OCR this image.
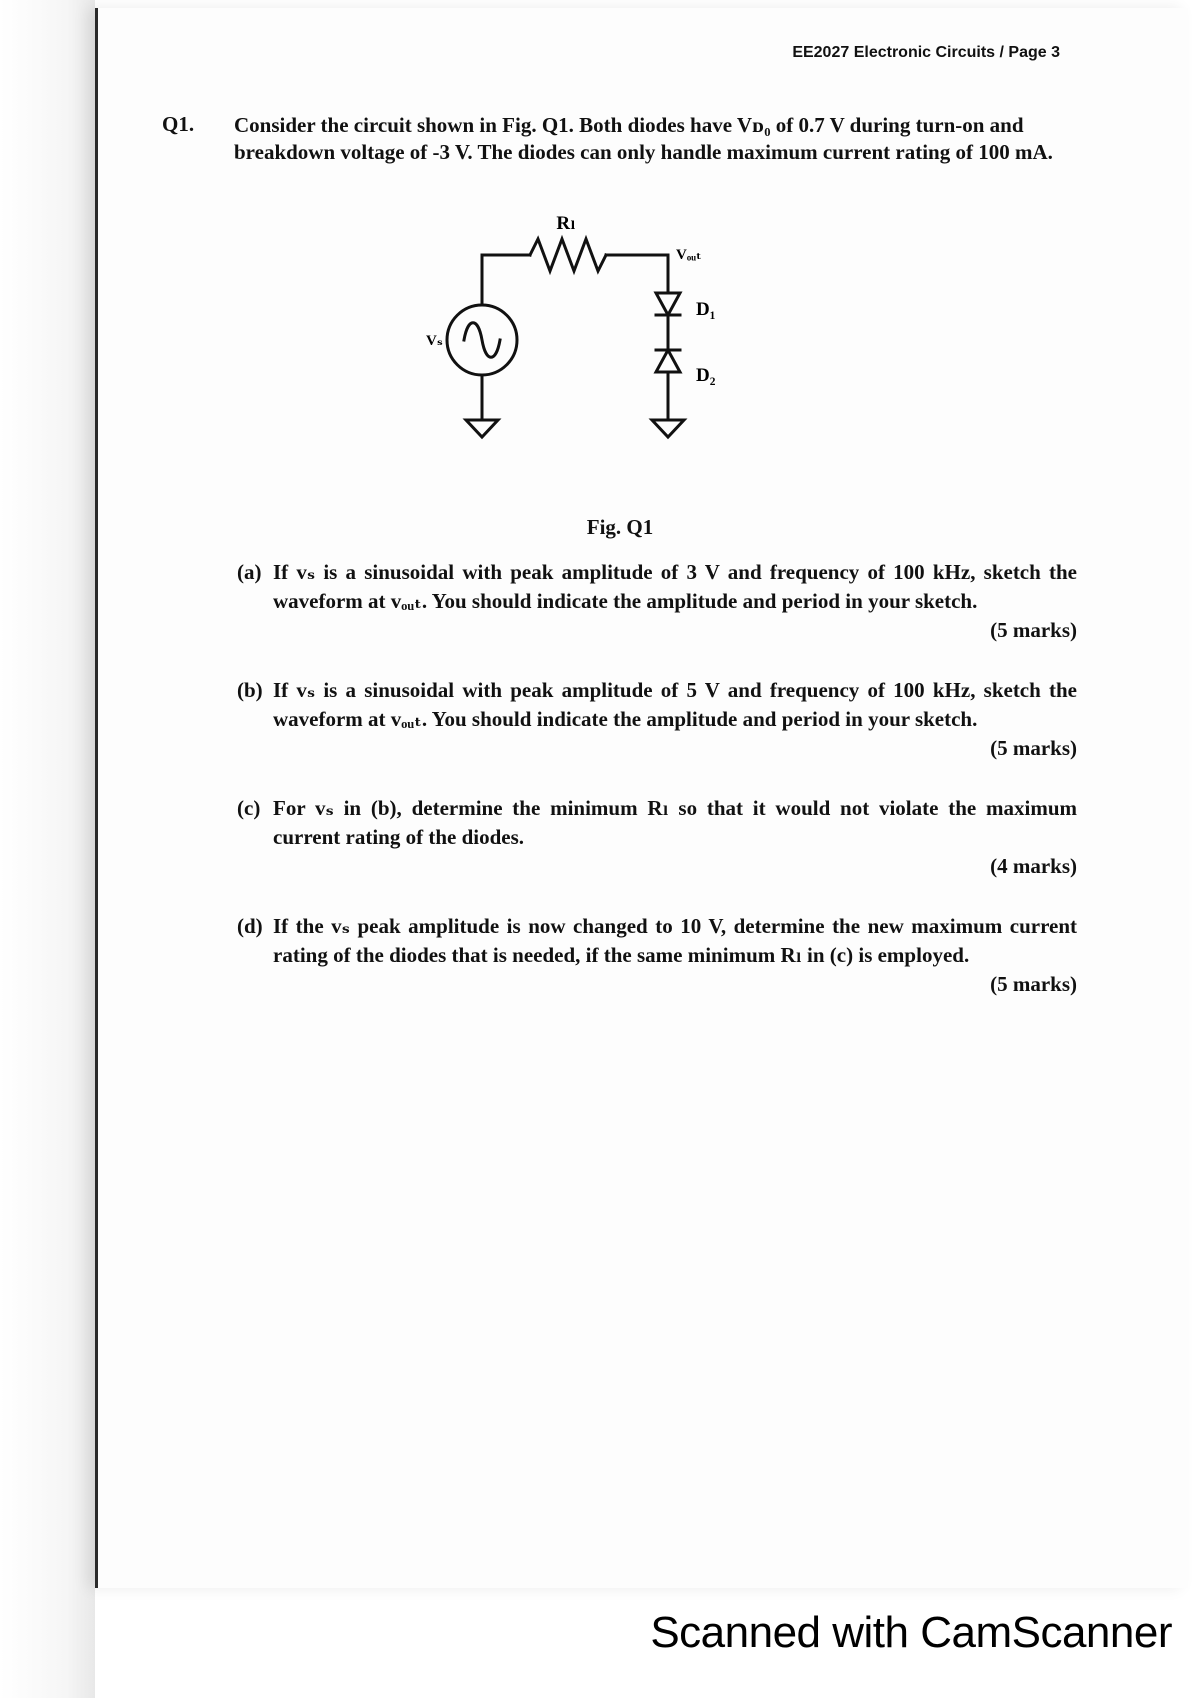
EE2027 Electronic Circuits / Page 3
Q1. Consider the circuit shown in Fig. Q1. Both diodes have Vᴅ₀ of 0.7 V during turn-on and breakdown voltage of -3 V. The diodes can only handle maximum current rating of 100 mA.
Rₗ
Vₒᵤₜ
D₁
D₂
Vₛ
Fig. Q1
(a) If vₛ is a sinusoidal with peak amplitude of 3 V and frequency of 100 kHz, sketch the waveform at vₒᵤₜ. You should indicate the amplitude and period in your sketch.
(5 marks)
(b) If vₛ is a sinusoidal with peak amplitude of 5 V and frequency of 100 kHz, sketch the waveform at vₒᵤₜ. You should indicate the amplitude and period in your sketch.
(5 marks)
(c) For vₛ in (b), determine the minimum Rₗ so that it would not violate the maximum current rating of the diodes.
(4 marks)
(d) If the vₛ peak amplitude is now changed to 10 V, determine the new maximum current rating of the diodes that is needed, if the same minimum Rₗ in (c) is employed.
(5 marks)
Scanned with CamScanner
